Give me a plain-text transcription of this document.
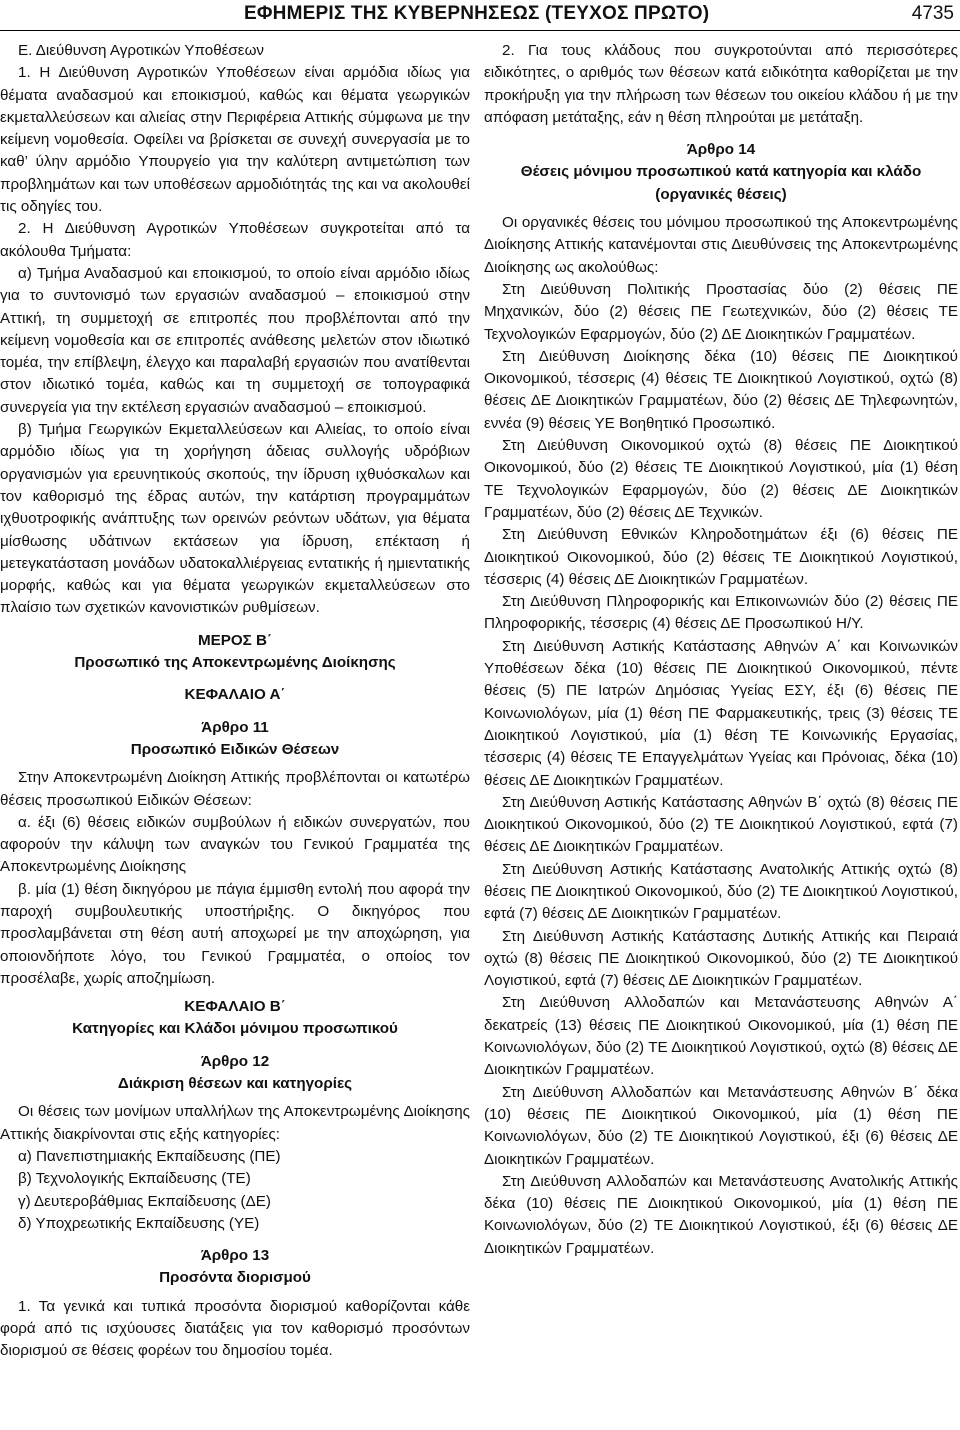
ΕΦΗΜΕΡΙΣ ΤΗΣ ΚΥΒΕΡΝΗΣΕΩΣ (ΤΕΥΧΟΣ ΠΡΩΤΟ)	4735

Ε. Διεύθυνση Αγροτικών Υποθέσεων

1. Η Διεύθυνση Αγροτικών Υποθέσεων είναι αρμόδια ιδίως για θέματα αναδασμού και εποικισμού, καθώς και θέματα γεωργικών εκμεταλλεύσεων και αλιείας στην Περιφέρεια Αττικής σύμφωνα με την κείμενη νομοθεσία. Οφείλει να βρίσκεται σε συνεχή συνεργασία με το καθ’ ύλην αρμόδιο Υπουργείο για την καλύτερη αντιμετώπιση των προβλημάτων και των υποθέσεων αρμοδιότητάς της και να ακολουθεί τις οδηγίες του.

2. Η Διεύθυνση Αγροτικών Υποθέσεων συγκροτείται από τα ακόλουθα Τμήματα:

α) Τμήμα Αναδασμού και εποικισμού, το οποίο είναι αρμόδιο ιδίως για το συντονισμό των εργασιών αναδασμού – εποικισμού στην Αττική, τη συμμετοχή σε επιτροπές που προβλέπονται από την κείμενη νομοθεσία και σε επιτροπές ανάθεσης μελετών στον ιδιωτικό τομέα, την επίβλεψη, έλεγχο και παραλαβή εργασιών που ανατίθενται στον ιδιωτικό τομέα, καθώς και τη συμμετοχή σε τοπογραφικά συνεργεία για την εκτέλεση εργασιών αναδασμού – εποικισμού.

β) Τμήμα Γεωργικών Εκμεταλλεύσεων και Αλιείας, το οποίο είναι αρμόδιο ιδίως για τη χορήγηση άδειας συλλογής υδρόβιων οργανισμών για ερευνητικούς σκοπούς, την ίδρυση ιχθυόσκαλων και τον καθορισμό της έδρας αυτών, την κατάρτιση προγραμμάτων ιχθυοτροφικής ανάπτυξης των ορεινών ρεόντων υδάτων, για θέματα μίσθωσης υδάτινων εκτάσεων για ίδρυση, επέκταση ή μετεγκατάσταση μονάδων υδατοκαλλιέργειας εντατικής ή ημιεντατικής μορφής, καθώς και για θέματα γεωργικών εκμεταλλεύσεων στο πλαίσιο των σχετικών κανονιστικών ρυθμίσεων.

ΜΕΡΟΣ Β΄

Προσωπικό της Αποκεντρωμένης Διοίκησης

ΚΕΦΑΛΑΙΟ Α΄

Άρθρο 11

Προσωπικό Ειδικών Θέσεων

Στην Αποκεντρωμένη Διοίκηση Αττικής προβλέπονται οι κατωτέρω θέσεις προσωπικού Ειδικών Θέσεων:

α. έξι (6) θέσεις ειδικών συμβούλων ή ειδικών συνεργατών, που αφορούν την κάλυψη των αναγκών του Γενικού Γραμματέα της Αποκεντρωμένης Διοίκησης

β. μία (1) θέση δικηγόρου με πάγια έμμισθη εντολή που αφορά την παροχή συμβουλευτικής υποστήριξης. Ο δικηγόρος που προσλαμβάνεται στη θέση αυτή αποχωρεί με την αποχώρηση, για οποιονδήποτε λόγο, του Γενικού Γραμματέα, ο οποίος τον προσέλαβε, χωρίς αποζημίωση.

ΚΕΦΑΛΑΙΟ Β΄

Κατηγορίες και Κλάδοι μόνιμου προσωπικού

Άρθρο 12

Διάκριση θέσεων και κατηγορίες

Οι θέσεις των μονίμων υπαλλήλων της Αποκεντρωμένης Διοίκησης Αττικής διακρίνονται στις εξής κατηγορίες:

α) Πανεπιστημιακής Εκπαίδευσης (ΠΕ)

β) Τεχνολογικής Εκπαίδευσης (ΤΕ)

γ) Δευτεροβάθμιας Εκπαίδευσης (ΔΕ)

δ) Υποχρεωτικής Εκπαίδευσης (ΥΕ)

Άρθρο 13

Προσόντα διορισμού

1. Τα γενικά και τυπικά προσόντα διορισμού καθορίζονται κάθε φορά από τις ισχύουσες διατάξεις για τον καθορισμό προσόντων διορισμού σε θέσεις φορέων του δημοσίου τομέα.

2. Για τους κλάδους που συγκροτούνται από περισσότερες ειδικότητες, ο αριθμός των θέσεων κατά ειδικότητα καθορίζεται με την προκήρυξη για την πλήρωση των θέσεων του οικείου κλάδου ή με την απόφαση μετάταξης, εάν η θέση πληρούται με μετάταξη.

Άρθρο 14

Θέσεις μόνιμου προσωπικού κατά κατηγορία και κλάδο (οργανικές θέσεις)

Οι οργανικές θέσεις του μόνιμου προσωπικού της Αποκεντρωμένης Διοίκησης Αττικής κατανέμονται στις Διευθύνσεις της Αποκεντρωμένης Διοίκησης ως ακολούθως:

Στη Διεύθυνση Πολιτικής Προστασίας δύο (2) θέσεις ΠΕ Μηχανικών, δύο (2) θέσεις ΠΕ Γεωτεχνικών, δύο (2) θέσεις ΤΕ Τεχνολογικών Εφαρμογών, δύο (2) ΔΕ Διοικητικών Γραμματέων.

Στη Διεύθυνση Διοίκησης δέκα (10) θέσεις ΠΕ Διοικητικού Οικονομικού, τέσσερις (4) θέσεις ΤΕ Διοικητικού Λογιστικού, οχτώ (8) θέσεις ΔΕ Διοικητικών Γραμματέων, δύο (2) θέσεις ΔΕ Τηλεφωνητών, εννέα (9) θέσεις ΥΕ Βοηθητικό Προσωπικό.

Στη Διεύθυνση Οικονομικού οχτώ (8) θέσεις ΠΕ Διοικητικού Οικονομικού, δύο (2) θέσεις ΤΕ Διοικητικού Λογιστικού, μία (1) θέση ΤΕ Τεχνολογικών Εφαρμογών, δύο (2) θέσεις ΔΕ Διοικητικών Γραμματέων, δύο (2) θέσεις ΔΕ Τεχνικών.

Στη Διεύθυνση Εθνικών Κληροδοτημάτων έξι (6) θέσεις ΠΕ Διοικητικού Οικονομικού, δύο (2) θέσεις ΤΕ Διοικητικού Λογιστικού, τέσσερις (4) θέσεις ΔΕ Διοικητικών Γραμματέων.

Στη Διεύθυνση Πληροφορικής και Επικοινωνιών δύο (2) θέσεις ΠΕ Πληροφορικής, τέσσερις (4) θέσεις ΔΕ Προσωπικού Η/Υ.

Στη Διεύθυνση Αστικής Κατάστασης Αθηνών Α΄ και Κοινωνικών Υποθέσεων δέκα (10) θέσεις ΠΕ Διοικητικού Οικονομικού, πέντε θέσεις (5) ΠΕ Ιατρών Δημόσιας Υγείας ΕΣΥ, έξι (6) θέσεις ΠΕ Κοινωνιολόγων, μία (1) θέση ΠΕ Φαρμακευτικής, τρεις (3) θέσεις ΤΕ Διοικητικού Λογιστικού, μία (1) θέση ΤΕ Κοινωνικής Εργασίας, τέσσερις (4) θέσεις ΤΕ Επαγγελμάτων Υγείας και Πρόνοιας, δέκα (10) θέσεις ΔΕ Διοικητικών Γραμματέων.

Στη Διεύθυνση Αστικής Κατάστασης Αθηνών Β΄ οχτώ (8) θέσεις ΠΕ Διοικητικού Οικονομικού, δύο (2) ΤΕ Διοικητικού Λογιστικού, εφτά (7) θέσεις ΔΕ Διοικητικών Γραμματέων.

Στη Διεύθυνση Αστικής Κατάστασης Ανατολικής Αττικής οχτώ (8) θέσεις ΠΕ Διοικητικού Οικονομικού, δύο (2) ΤΕ Διοικητικού Λογιστικού, εφτά (7) θέσεις ΔΕ Διοικητικών Γραμματέων.

Στη Διεύθυνση Αστικής Κατάστασης Δυτικής Αττικής και Πειραιά οχτώ (8) θέσεις ΠΕ Διοικητικού Οικονομικού, δύο (2) ΤΕ Διοικητικού Λογιστικού, εφτά (7) θέσεις ΔΕ Διοικητικών Γραμματέων.

Στη Διεύθυνση Αλλοδαπών και Μετανάστευσης Αθηνών Α΄ δεκατρείς (13) θέσεις ΠΕ Διοικητικού Οικονομικού, μία (1) θέση ΠΕ Κοινωνιολόγων, δύο (2) ΤΕ Διοικητικού Λογιστικού, οχτώ (8) θέσεις ΔΕ Διοικητικών Γραμματέων.

Στη Διεύθυνση Αλλοδαπών και Μετανάστευσης Αθηνών Β΄ δέκα (10) θέσεις ΠΕ Διοικητικού Οικονομικού, μία (1) θέση ΠΕ Κοινωνιολόγων, δύο (2) ΤΕ Διοικητικού Λογιστικού, έξι (6) θέσεις ΔΕ Διοικητικών Γραμματέων.

Στη Διεύθυνση Αλλοδαπών και Μετανάστευσης Ανατολικής Αττικής δέκα (10) θέσεις ΠΕ Διοικητικού Οικονομικού, μία (1) θέση ΠΕ Κοινωνιολόγων, δύο (2) ΤΕ Διοικητικού Λογιστικού, έξι (6) θέσεις ΔΕ Διοικητικών Γραμματέων.
